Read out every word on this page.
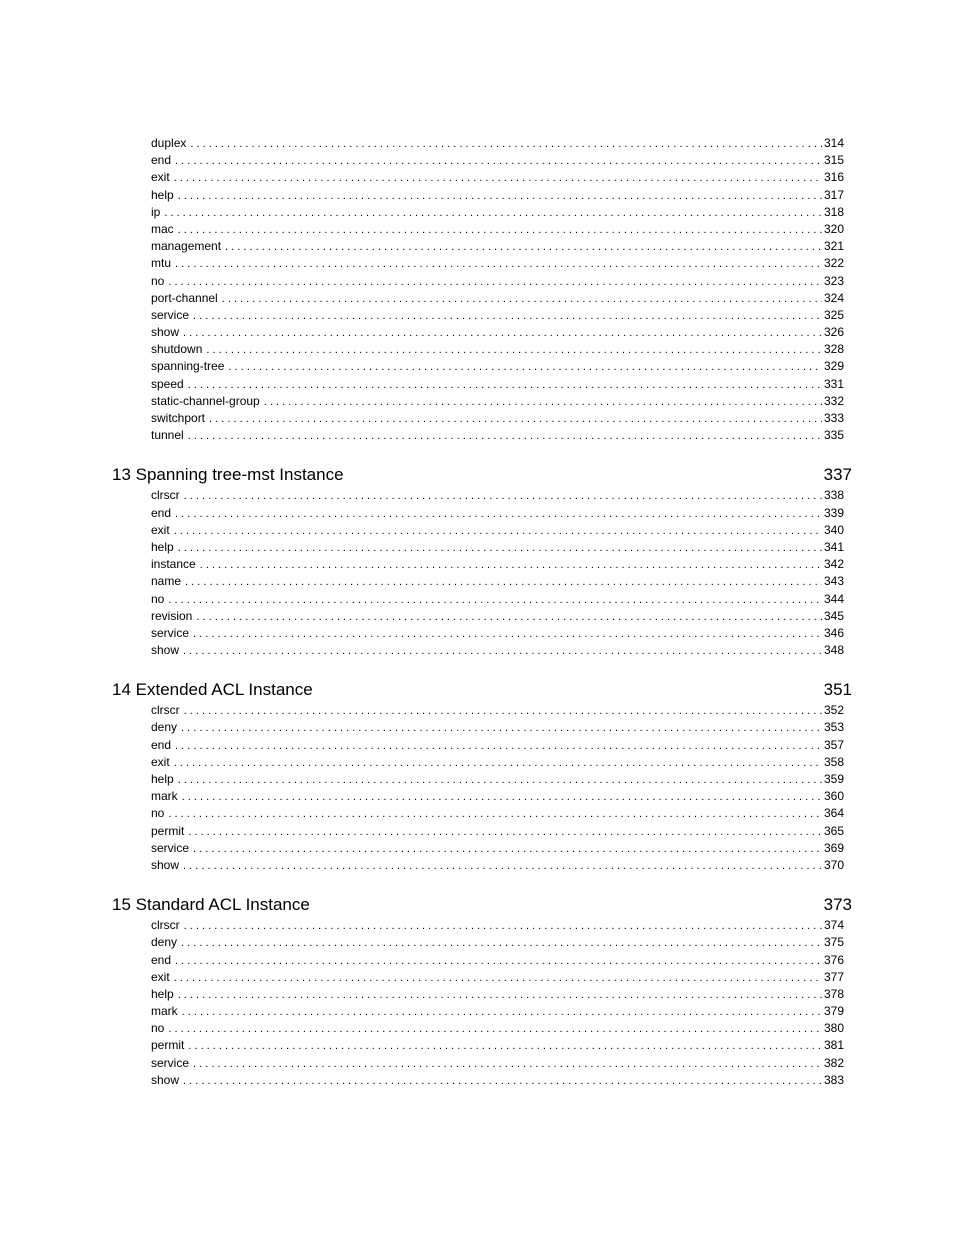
duplex . . .	314
end . . .	315
exit . . .	316
help . . .	317
ip . . .	318
mac . . .	320
management . . .	321
mtu . . .	322
no . . .	323
port-channel . . .	324
service . . .	325
show . . .	326
shutdown . . .	328
spanning-tree . . .	329
speed . . .	331
static-channel-group . . .	332
switchport . . .	333
tunnel . . .	335
13 Spanning tree-mst Instance	337
clrscr . . .	338
end . . .	339
exit . . .	340
help . . .	341
instance . . .	342
name . . .	343
no . . .	344
revision . . .	345
service . . .	346
show . . .	348
14 Extended ACL Instance	351
clrscr . . .	352
deny . . .	353
end . . .	357
exit . . .	358
help . . .	359
mark . . .	360
no . . .	364
permit . . .	365
service . . .	369
show . . .	370
15 Standard ACL Instance	373
clrscr . . .	374
deny . . .	375
end . . .	376
exit . . .	377
help . . .	378
mark . . .	379
no . . .	380
permit . . .	381
service . . .	382
show . . .	383
